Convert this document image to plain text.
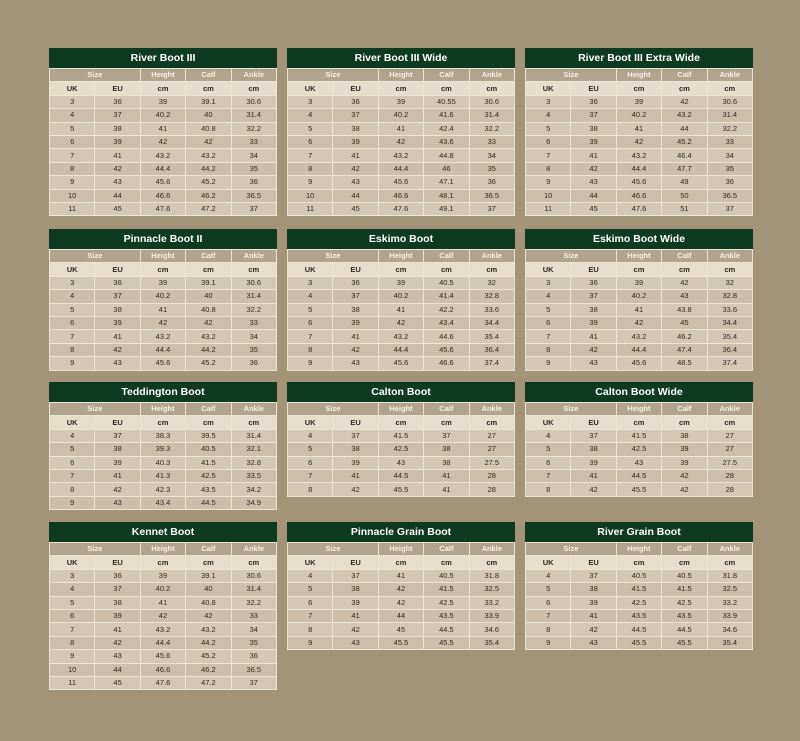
River Boot III
Size		Height	Calf	Ankle
UK	EU	cm	cm	cm
3	36	39	39.1	30.6
4	37	40.2	40	31.4
5	38	41	40.8	32.2
6	39	42	42	33
7	41	43.2	43.2	34
8	42	44.4	44.2	35
9	43	45.6	45.2	36
10	44	46.6	46.2	36.5
11	45	47.6	47.2	37
River Boot III Wide
Size		Height	Calf	Ankle
UK	EU	cm	cm	cm
3	36	39	40.55	30.6
4	37	40.2	41.6	31.4
5	38	41	42.4	32.2
6	39	42	43.6	33
7	41	43.2	44.8	34
8	42	44.4	46	35
9	43	45.6	47.1	36
10	44	46.6	48.1	36.5
11	45	47.6	49.1	37
River Boot III Extra Wide
Size		Height	Calf	Ankle
UK	EU	cm	cm	cm
3	36	39	42	30.6
4	37	40.2	43.2	31.4
5	38	41	44	32.2
6	39	42	45.2	33
7	41	43.2	46.4	34
8	42	44.4	47.7	35
9	43	45.6	49	36
10	44	46.6	50	36.5
11	45	47.6	51	37
Pinnacle Boot II
Size		Height	Calf	Ankle
UK	EU	cm	cm	cm
3	36	39	39.1	30.6
4	37	40.2	40	31.4
5	38	41	40.8	32.2
6	39	42	42	33
7	41	43.2	43.2	34
8	42	44.4	44.2	35
9	43	45.6	45.2	36
Eskimo Boot
Size		Height	Calf	Ankle
UK	EU	cm	cm	cm
3	36	39	40.5	32
4	37	40.2	41.4	32.8
5	38	41	42.2	33.6
6	39	42	43.4	34.4
7	41	43.2	44.6	35.4
8	42	44.4	45.6	36.4
9	43	45.6	46.6	37.4
Eskimo Boot Wide
Size		Height	Calf	Ankle
UK	EU	cm	cm	cm
3	36	39	42	32
4	37	40.2	43	32.8
5	38	41	43.8	33.6
6	39	42	45	34.4
7	41	43.2	46.2	35.4
8	42	44.4	47.4	36.4
9	43	45.6	48.5	37.4
Teddington Boot
Size		Height	Calf	Ankle
UK	EU	cm	cm	cm
4	37	38.3	39.5	31.4
5	38	39.3	40.5	32.1
6	39	40.3	41.5	32.8
7	41	41.3	42.5	33.5
8	42	42.3	43.5	34.2
9	43	43.4	44.5	34.9
Calton Boot
Size		Height	Calf	Ankle
UK	EU	cm	cm	cm
4	37	41.5	37	27
5	38	42.5	38	27
6	39	43	38	27.5
7	41	44.5	41	28
8	42	45.5	41	28
Calton Boot Wide
Size		Height	Calf	Ankle
UK	EU	cm	cm	cm
4	37	41.5	38	27
5	38	42.5	39	27
6	39	43	39	27.5
7	41	44.5	42	28
8	42	45.5	42	28
Kennet Boot
Size		Height	Calf	Ankle
UK	EU	cm	cm	cm
3	36	39	39.1	30.6
4	37	40.2	40	31.4
5	38	41	40.8	32.2
6	39	42	42	33
7	41	43.2	43.2	34
8	42	44.4	44.2	35
9	43	45.6	45.2	36
10	44	46.6	46.2	36.5
11	45	47.6	47.2	37
Pinnacle Grain Boot
Size		Height	Calf	Ankle
UK	EU	cm	cm	cm
4	37	41	40.5	31.8
5	38	42	41.5	32.5
6	39	42	42.5	33.2
7	41	44	43.5	33.9
8	42	45	44.5	34.6
9	43	45.5	45.5	35.4
River Grain Boot
Size		Height	Calf	Ankle
UK	EU	cm	cm	cm
4	37	40.5	40.5	31.8
5	38	41.5	41.5	32.5
6	39	42.5	42.5	33.2
7	41	43.5	43.5	33.9
8	42	44.5	44.5	34.6
9	43	45.5	45.5	35.4
